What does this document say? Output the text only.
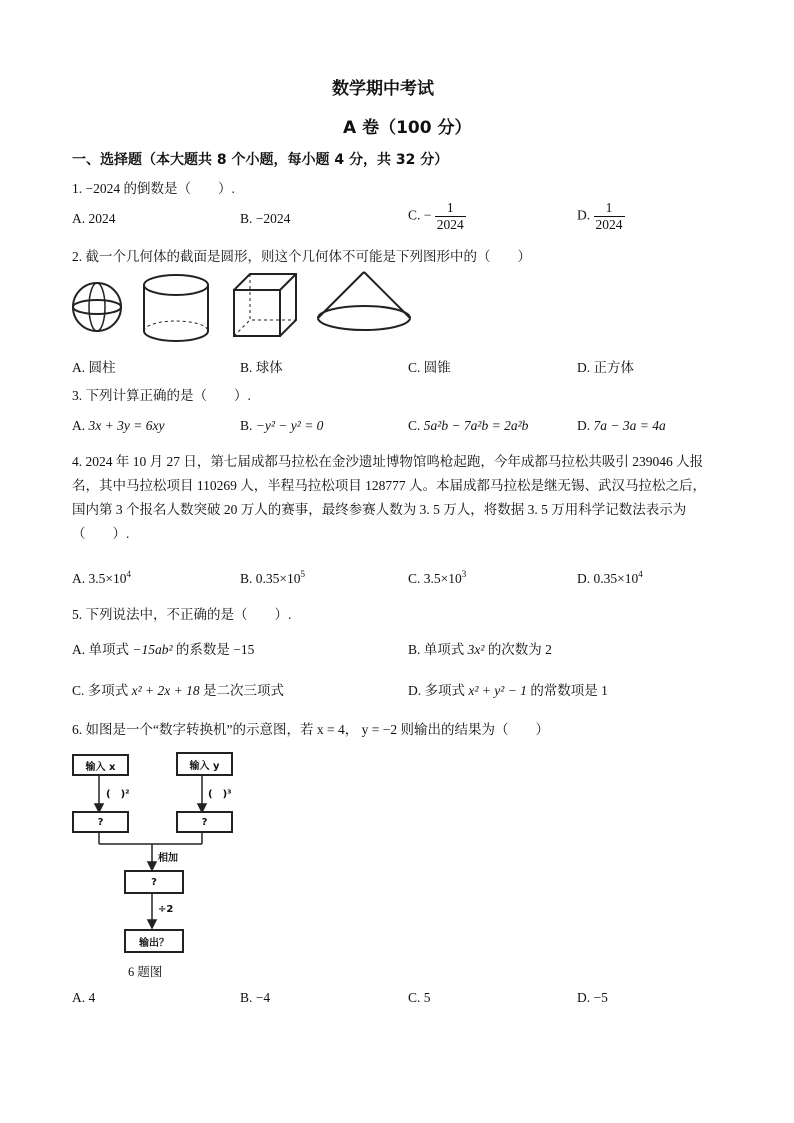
数学期中考试
A 卷（100 分）
一、选择题（本大题共 8 个小题，每小题 4 分，共 32 分）
1. −2024 的倒数是（　　）.
A. 2024	B. −2024	C. − $\frac{1}{2024}$	D. $\frac{1}{2024}$
2. 截一个几何体的截面是圆形，则这个几何体不可能是下列图形中的（　　）
A. 圆柱	B. 球体	C. 圆锥	D. 正方体
3. 下列计算正确的是（　　）.
A. 3x + 3y = 6xy	B. −y² − y² = 0	C. 5a²b − 7a²b = 2a²b	D. 7a − 3a = 4a
4. 2024 年 10 月 27 日，第七届成都马拉松在金沙遗址博物馆鸣枪起跑，今年成都马拉松共吸引 239046 人报名，其中马拉松项目 110269 人，半程马拉松项目 128777 人。本届成都马拉松是继无锡、武汉马拉松之后，国内第 3 个报名人数突破 20 万人的赛事，最终参赛人数为 3. 5 万人，将数据 3. 5 万用科学记数法表示为（　　）.
A. $3.5\times 10^4$	B. $0.35\times 10^5$	C. $3.5\times 10^3$	D. $0.35\times 10^4$
5. 下列说法中，不正确的是（　　）.
A. 单项式 −15ab² 的系数是 −15	B. 单项式 3x² 的次数为 2
C. 多项式 x² + 2x + 18 是二次三项式	D. 多项式 x² + y² − 1 的常数项是 1
6. 如图是一个“数字转换机”的示意图，若 x = 4， y = −2 则输出的结果为（　　）
输入 x	输入 y
(　)²	(　)³
?	?
相加
?
÷2
输出？
6 题图
A. 4	B. −4	C. 5	D. −5
